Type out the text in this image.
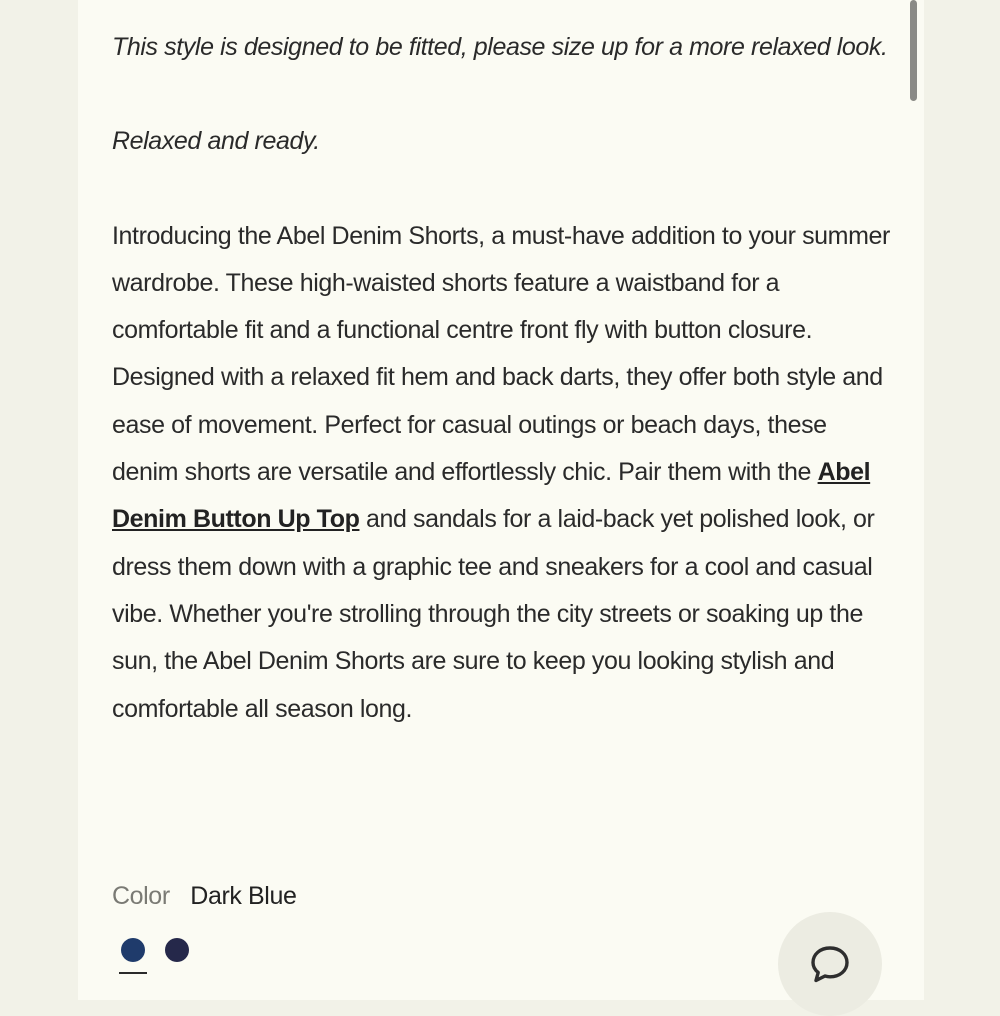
This style is designed to be fitted, please size up for a more relaxed look.

Relaxed and ready.

Introducing the Abel Denim Shorts, a must-have addition to your summer wardrobe. These high-waisted shorts feature a waistband for a comfortable fit and a functional centre front fly with button closure. Designed with a relaxed fit hem and back darts, they offer both style and ease of movement. Perfect for casual outings or beach days, these denim shorts are versatile and effortlessly chic. Pair them with the Abel Denim Button Up Top and sandals for a laid-back yet polished look, or dress them down with a graphic tee and sneakers for a cool and casual vibe. Whether you're strolling through the city streets or soaking up the sun, the Abel Denim Shorts are sure to keep you looking stylish and comfortable all season long.

Color Dark Blue
